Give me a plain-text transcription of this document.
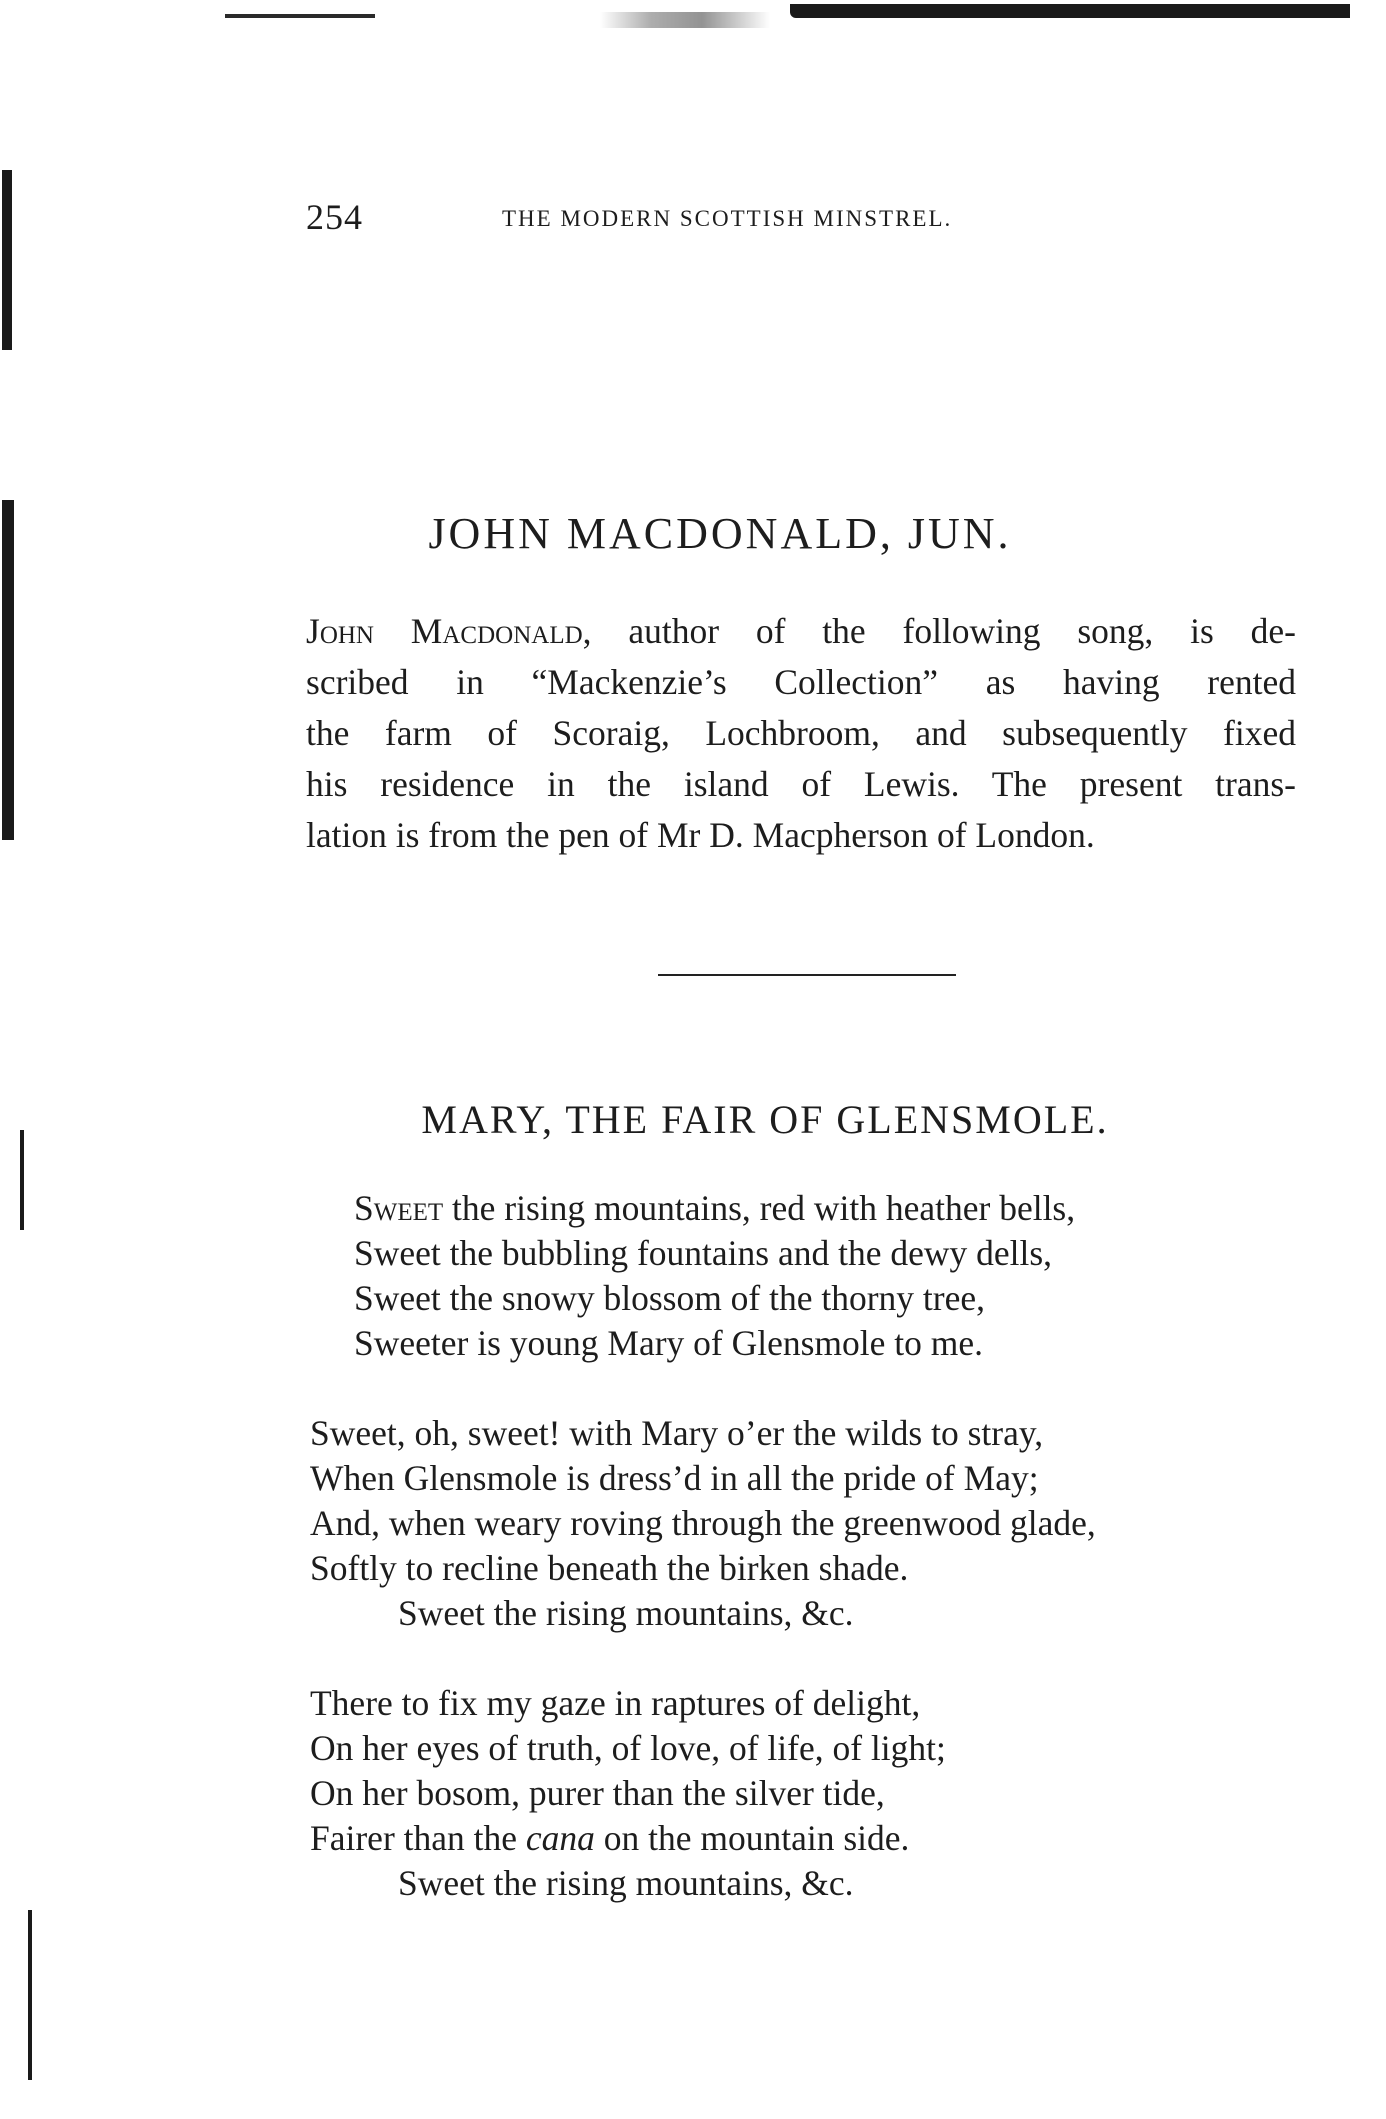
254	THE MODERN SCOTTISH MINSTREL.
JOHN MACDONALD, JUN.

John Macdonald, author of the following song, is de-
scribed in “Mackenzie’s Collection” as having rented
the farm of Scoraig, Lochbroom, and subsequently fixed
his residence in the island of Lewis. The present trans-
lation is from the pen of Mr D. Macpherson of London.

MARY, THE FAIR OF GLENSMOLE.
Sweet the rising mountains, red with heather bells,
Sweet the bubbling fountains and the dewy dells,
Sweet the snowy blossom of the thorny tree,
Sweeter is young Mary of Glensmole to me.
Sweet, oh, sweet! with Mary o’er the wilds to stray,
When Glensmole is dress’d in all the pride of May;
And, when weary roving through the greenwood glade,
Softly to recline beneath the birken shade.
Sweet the rising mountains, &c.
There to fix my gaze in raptures of delight,
On her eyes of truth, of love, of life, of light;
On her bosom, purer than the silver tide,
Fairer than the cana on the mountain side.
Sweet the rising mountains, &c.
